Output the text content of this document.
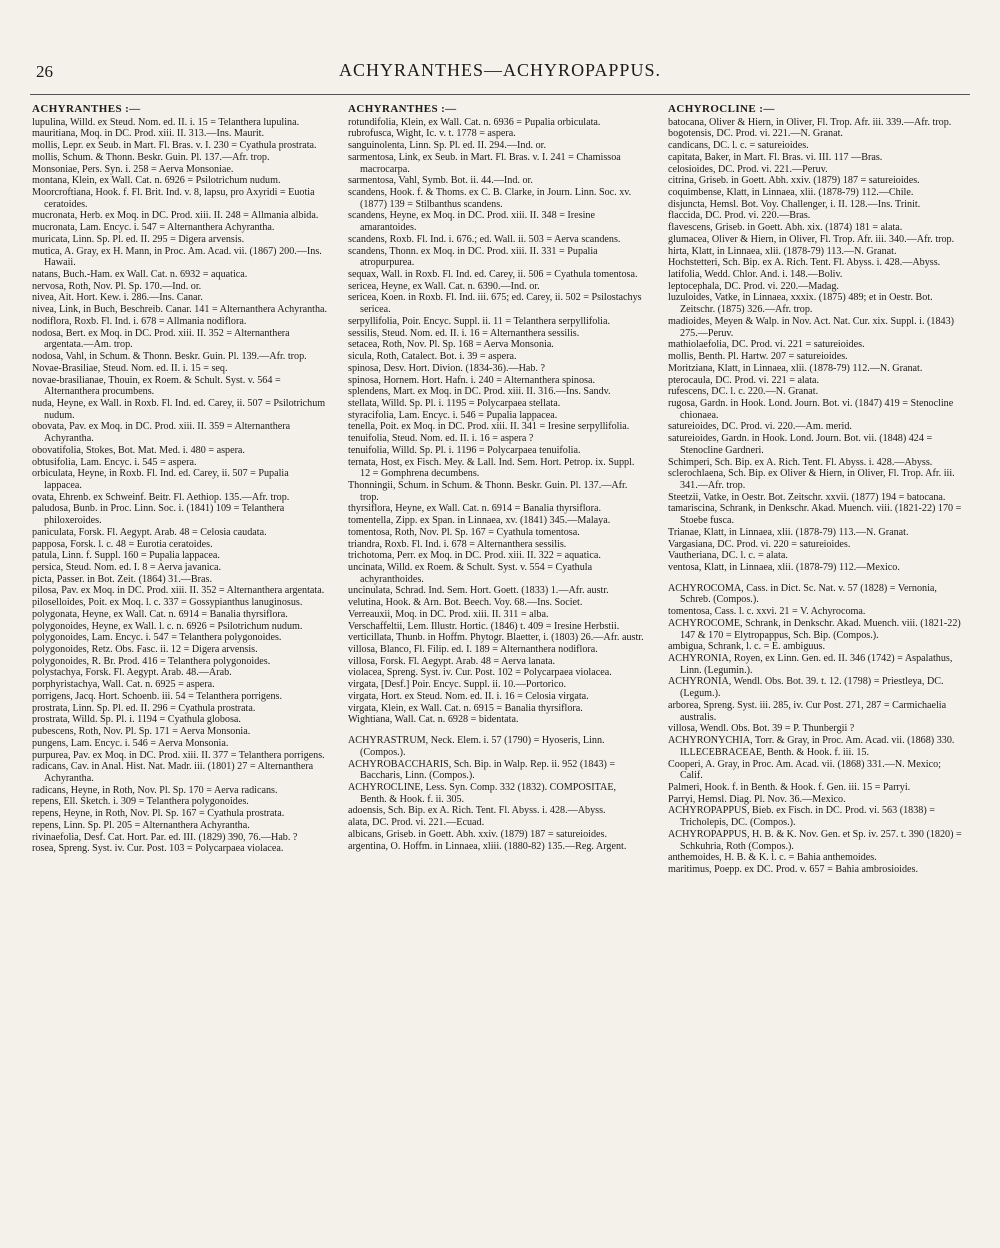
26	ACHYRANTHES—ACHYROPAPPUS.
ACHYRANTHES :—
lupulina, Willd. ex Steud. Nom. ed. II. i. 15 = Telanthera lupulina.
mauritiana, Moq. in DC. Prod. xiii. II. 313.—Ins. Maurit.
mollis, Lepr. ex Seub. in Mart. Fl. Bras. v. I. 230 = Cyathula prostrata.
mollis, Schum. & Thonn. Beskr. Guin. Pl. 137.—Afr. trop.
Monsoniae, Pers. Syn. i. 258 = Aerva Monsoniae.
montana, Klein, ex Wall. Cat. n. 6926 = Psilotrichum nudum.
Moorcroftiana, Hook. f. Fl. Brit. Ind. v. 8, lapsu, pro Axyridi = Euotia ceratoides.
mucronata, Herb. ex Moq. in DC. Prod. xiii. II. 248 = Allmania albida.
mucronata, Lam. Encyc. i. 547 = Alternanthera Achyrantha.
muricata, Linn. Sp. Pl. ed. II. 295 = Digera arvensis.
mutica, A. Gray, ex H. Mann, in Proc. Am. Acad. vii. (1867) 200.—Ins. Hawaii.
natans, Buch.-Ham. ex Wall. Cat. n. 6932 = aquatica.
nervosa, Roth, Nov. Pl. Sp. 170.—Ind. or.
nivea, Ait. Hort. Kew. i. 286.—Ins. Canar.
nivea, Link, in Buch, Beschreib. Canar. 141 = Alternanthera Achyrantha.
nodiflora, Roxb. Fl. Ind. i. 678 = Allmania nodiflora.
nodosa, Bert. ex Moq. in DC. Prod. xiii. II. 352 = Alternanthera argentata.—Am. trop.
nodosa, Vahl, in Schum. & Thonn. Beskr. Guin. Pl. 139.—Afr. trop.
Novae-Brasiliae, Steud. Nom. ed. II. i. 15 = seq.
novae-brasilianae, Thouin, ex Roem. & Schult. Syst. v. 564 = Alternanthera procumbens.
nuda, Heyne, ex Wall. in Roxb. Fl. Ind. ed. Carey, ii. 507 = Psilotrichum nudum.
obovata, Pav. ex Moq. in DC. Prod. xiii. II. 359 = Alternanthera Achyrantha.
obovatifolia, Stokes, Bot. Mat. Med. i. 480 = aspera.
obtusifolia, Lam. Encyc. i. 545 = aspera.
orbiculata, Heyne, in Roxb. Fl. Ind. ed. Carey, ii. 507 = Pupalia lappacea.
ovata, Ehrenb. ex Schweinf. Beitr. Fl. Aethiop. 135.—Afr. trop.
paludosa, Bunb. in Proc. Linn. Soc. i. (1841) 109 = Telanthera philoxeroides.
paniculata, Forsk. Fl. Aegypt. Arab. 48 = Celosia caudata.
papposa, Forsk. l. c. 48 = Eurotia ceratoides.
patula, Linn. f. Suppl. 160 = Pupalia lappacea.
persica, Steud. Nom. ed. I. 8 = Aerva javanica.
picta, Passer. in Bot. Zeit. (1864) 31.—Bras.
pilosa, Pav. ex Moq. in DC. Prod. xiii. II. 352 = Alternanthera argentata.
piloselloides, Poit. ex Moq. l. c. 337 = Gossypianthus lanuginosus.
polygonata, Heyne, ex Wall. Cat. n. 6914 = Banalia thyrsiflora.
polygonoides, Heyne, ex Wall. l. c. n. 6926 = Psilotrichum nudum.
polygonoides, Lam. Encyc. i. 547 = Telanthera polygonoides.
polygonoides, Retz. Obs. Fasc. ii. 12 = Digera arvensis.
polygonoides, R. Br. Prod. 416 = Telanthera polygonoides.
polystachya, Forsk. Fl. Aegypt. Arab. 48.—Arab.
porphyristachya, Wall. Cat. n. 6925 = aspera.
porrigens, Jacq. Hort. Schoenb. iii. 54 = Telanthera porrigens.
prostrata, Linn. Sp. Pl. ed. II. 296 = Cyathula prostrata.
prostrata, Willd. Sp. Pl. i. 1194 = Cyathula globosa.
pubescens, Roth, Nov. Pl. Sp. 171 = Aerva Monsonia.
pungens, Lam. Encyc. i. 546 = Aerva Monsonia.
purpurea, Pav. ex Moq. in DC. Prod. xiii. II. 377 = Telanthera porrigens.
radicans, Cav. in Anal. Hist. Nat. Madr. iii. (1801) 27 = Alternanthera Achyrantha.
radicans, Heyne, in Roth, Nov. Pl. Sp. 170 = Aerva radicans.
repens, Ell. Sketch. i. 309 = Telanthera polygonoides.
repens, Heyne, in Roth, Nov. Pl. Sp. 167 = Cyathula prostrata.
repens, Linn. Sp. Pl. 205 = Alternanthera Achyrantha.
rivinaefolia, Desf. Cat. Hort. Par. ed. III. (1829) 390, 76.—Hab. ?
rosea, Spreng. Syst. iv. Cur. Post. 103 = Polycarpaea violacea.
ACHYRANTHES :—
rotundifolia, Klein, ex Wall. Cat. n. 6936 = Pupalia orbiculata.
rubrofusca, Wight, Ic. v. t. 1778 = aspera.
sanguinolenta, Linn. Sp. Pl. ed. II. 294.—Ind. or.
sarmentosa, Link, ex Seub. in Mart. Fl. Bras. v. I. 241 = Chamissoa macrocarpa.
sarmentosa, Vahl, Symb. Bot. ii. 44.—Ind. or.
scandens, Hook. f. & Thoms. ex C. B. Clarke, in Journ. Linn. Soc. xv. (1877) 139 = Stilbanthus scandens.
scandens, Heyne, ex Moq. in DC. Prod. xiii. II. 348 = Iresine amarantoides.
scandens, Roxb. Fl. Ind. i. 676.; ed. Wall. ii. 503 = Aerva scandens.
scandens, Thonn. ex Moq. in DC. Prod. xiii. II. 331 = Pupalia atropurpurea.
sequax, Wall. in Roxb. Fl. Ind. ed. Carey, ii. 506 = Cyathula tomentosa.
sericea, Heyne, ex Wall. Cat. n. 6390.—Ind. or.
sericea, Koen. in Roxb. Fl. Ind. iii. 675; ed. Carey, ii. 502 = Psilostachys sericea.
serpyllifolia, Poir. Encyc. Suppl. ii. 11 = Telanthera serpyllifolia.
sessilis, Steud. Nom. ed. II. i. 16 = Alternanthera sessilis.
setacea, Roth, Nov. Pl. Sp. 168 = Aerva Monsonia.
sicula, Roth, Catalect. Bot. i. 39 = aspera.
spinosa, Desv. Hort. Divion. (1834-36).—Hab. ?
spinosa, Hornem. Hort. Hafn. i. 240 = Alternanthera spinosa.
splendens, Mart. ex Moq. in DC. Prod. xiii. II. 316.—Ins. Sandv.
stellata, Willd. Sp. Pl. i. 1195 = Polycarpaea stellata.
styracifolia, Lam. Encyc. i. 546 = Pupalia lappacea.
tenella, Poit. ex Moq. in DC. Prod. xiii. II. 341 = Iresine serpyllifolia.
tenuifolia, Steud. Nom. ed. II. i. 16 = aspera ?
tenuifolia, Willd. Sp. Pl. i. 1196 = Polycarpaea tenuifolia.
ternata, Host, ex Fisch. Mey. & Lall. Ind. Sem. Hort. Petrop. ix. Suppl. 12 = Gomphrena decumbens.
Thonningii, Schum. in Schum. & Thonn. Beskr. Guin. Pl. 137.—Afr. trop.
thyrsiflora, Heyne, ex Wall. Cat. n. 6914 = Banalia thyrsiflora.
tomentella, Zipp. ex Span. in Linnaea, xv. (1841) 345.—Malaya.
tomentosa, Roth, Nov. Pl. Sp. 167 = Cyathula tomentosa.
triandra, Roxb. Fl. Ind. i. 678 = Alternanthera sessilis.
trichotoma, Perr. ex Moq. in DC. Prod. xiii. II. 322 = aquatica.
uncinata, Willd. ex Roem. & Schult. Syst. v. 554 = Cyathula achyranthoides.
uncinulata, Schrad. Ind. Sem. Hort. Goett. (1833) 1.—Afr. austr.
velutina, Hook. & Arn. Bot. Beech. Voy. 68.—Ins. Societ.
Verreauxii, Moq. in DC. Prod. xiii. II. 311 = alba.
Verschaffeltii, Lem. Illustr. Hortic. (1846) t. 409 = Iresine Herbstii.
verticillata, Thunb. in Hoffm. Phytogr. Blaetter, i. (1803) 26.—Afr. austr.
villosa, Blanco, Fl. Filip. ed. I. 189 = Alternanthera nodiflora.
villosa, Forsk. Fl. Aegypt. Arab. 48 = Aerva lanata.
violacea, Spreng. Syst. iv. Cur. Post. 102 = Polycarpaea violacea.
virgata, [Desf.] Poir. Encyc. Suppl. ii. 10.—Portorico.
virgata, Hort. ex Steud. Nom. ed. II. i. 16 = Celosia virgata.
virgata, Klein, ex Wall. Cat. n. 6915 = Banalia thyrsiflora.
Wightiana, Wall. Cat. n. 6928 = bidentata.
ACHYRASTRUM, Neck. Elem. i. 57 (1790) = Hyoseris, Linn. (Compos.).
ACHYROBACCHARIS, Sch. Bip. in Walp. Rep. ii. 952 (1843) = Baccharis, Linn. (Compos.).
ACHYROCLINE, Less. Syn. Comp. 332 (1832). COMPOSITAE, Benth. & Hook. f. ii. 305.
adoensis, Sch. Bip. ex A. Rich. Tent. Fl. Abyss. i. 428.—Abyss.
alata, DC. Prod. vi. 221.—Ecuad.
albicans, Griseb. in Goett. Abh. xxiv. (1879) 187 = satureioides.
argentina, O. Hoffm. in Linnaea, xliii. (1880-82) 135.—Reg. Argent.
ACHYROCLINE :—
batocana, Oliver & Hiern, in Oliver, Fl. Trop. Afr. iii. 339.—Afr. trop.
bogotensis, DC. Prod. vi. 221.—N. Granat.
candicans, DC. l. c. = satureioides.
capitata, Baker, in Mart. Fl. Bras. vi. III. 117 —Bras.
celosioides, DC. Prod. vi. 221.—Peruv.
citrina, Griseb. in Goett. Abh. xxiv. (1879) 187 = satureioides.
coquimbense, Klatt, in Linnaea, xlii. (1878-79) 112.—Chile.
disjuncta, Hemsl. Bot. Voy. Challenger, i. II. 128.—Ins. Trinit.
flaccida, DC. Prod. vi. 220.—Bras.
flavescens, Griseb. in Goett. Abh. xix. (1874) 181 = alata.
glumacea, Oliver & Hiern, in Oliver, Fl. Trop. Afr. iii. 340.—Afr. trop.
hirta, Klatt, in Linnaea, xlii. (1878-79) 113.—N. Granat.
Hochstetteri, Sch. Bip. ex A. Rich. Tent. Fl. Abyss. i. 428.—Abyss.
latifolia, Wedd. Chlor. And. i. 148.—Boliv.
leptocephala, DC. Prod. vi. 220.—Madag.
luzuloides, Vatke, in Linnaea, xxxix. (1875) 489; et in Oestr. Bot. Zeitschr. (1875) 326.—Afr. trop.
madioides, Meyen & Walp. in Nov. Act. Nat. Cur. xix. Suppl. i. (1843) 275.—Peruv.
mathiolaefolia, DC. Prod. vi. 221 = satureioides.
mollis, Benth. Pl. Hartw. 207 = satureioides.
Moritziana, Klatt, in Linnaea, xlii. (1878-79) 112.—N. Granat.
pterocaula, DC. Prod. vi. 221 = alata.
rufescens, DC. l. c. 220.—N. Granat.
rugosa, Gardn. in Hook. Lond. Journ. Bot. vi. (1847) 419 = Stenocline chionaea.
satureioides, DC. Prod. vi. 220.—Am. merid.
satureioides, Gardn. in Hook. Lond. Journ. Bot. vii. (1848) 424 = Stenocline Gardneri.
Schimperi, Sch. Bip. ex A. Rich. Tent. Fl. Abyss. i. 428.—Abyss.
sclerochlaena, Sch. Bip. ex Oliver & Hiern, in Oliver, Fl. Trop. Afr. iii. 341.—Afr. trop.
Steetzii, Vatke, in Oestr. Bot. Zeitschr. xxvii. (1877) 194 = batocana.
tamariscina, Schrank, in Denkschr. Akad. Muench. viii. (1821-22) 170 = Stoebe fusca.
Trianae, Klatt, in Linnaea, xlii. (1878-79) 113.—N. Granat.
Vargasiana, DC. Prod. vi. 220 = satureioides.
Vautheriana, DC. l. c. = alata.
ventosa, Klatt, in Linnaea, xlii. (1878-79) 112.—Mexico.
ACHYROCOMA, Cass. in Dict. Sc. Nat. v. 57 (1828) = Vernonia, Schreb. (Compos.).
tomentosa, Cass. l. c. xxvi. 21 = V. Achyrocoma.
ACHYROCOME, Schrank, in Denkschr. Akad. Muench. viii. (1821-22) 147 & 170 = Elytropappus, Sch. Bip. (Compos.).
ambigua, Schrank, l. c. = E. ambiguus.
ACHYRONIA, Royen, ex Linn. Gen. ed. II. 346 (1742) = Aspalathus, Linn. (Legumin.).
ACHYRONIA, Wendl. Obs. Bot. 39. t. 12. (1798) = Priestleya, DC. (Legum.).
arborea, Spreng. Syst. iii. 285, iv. Cur Post. 271, 287 = Carmichaelia australis.
villosa, Wendl. Obs. Bot. 39 = P. Thunbergii ?
ACHYRONYCHIA, Torr. & Gray, in Proc. Am. Acad. vii. (1868) 330. ILLECEBRACEAE, Benth. & Hook. f. iii. 15.
Cooperi, A. Gray, in Proc. Am. Acad. vii. (1868) 331.—N. Mexico; Calif.
Palmeri, Hook. f. in Benth. & Hook. f. Gen. iii. 15 = Parryi.
Parryi, Hemsl. Diag. Pl. Nov. 36.—Mexico.
ACHYROPAPPUS, Bieb. ex Fisch. in DC. Prod. vi. 563 (1838) = Tricholepis, DC. (Compos.).
ACHYROPAPPUS, H. B. & K. Nov. Gen. et Sp. iv. 257. t. 390 (1820) = Schkuhria, Roth (Compos.).
anthemoides, H. B. & K. l. c. = Bahia anthemoides.
maritimus, Poepp. ex DC. Prod. v. 657 = Bahia ambrosioides.
